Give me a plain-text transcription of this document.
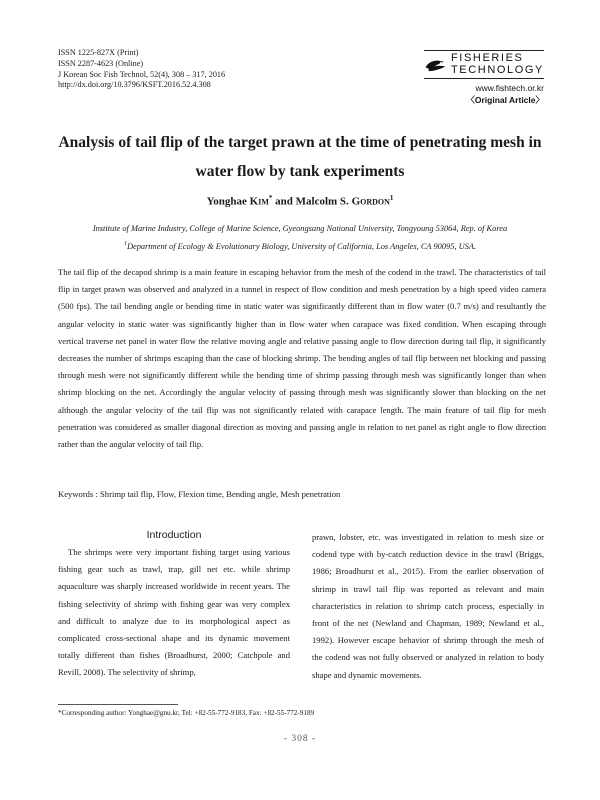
ISSN 1225-827X (Print)
ISSN 2287-4623 (Online)
J Korean Soc Fish Technol, 52(4), 308 – 317, 2016
http://dx.doi.org/10.3796/KSFT.2016.52.4.308
FISHERIES
TECHNOLOGY
www.fishtech.or.kr
〈Original Article〉
Analysis of tail flip of the target prawn at the time of penetrating mesh in
water flow by tank experiments
Yonghae Kim* and Malcolm S. Gordon$^1$
Institute of Marine Industry, College of Marine Science, Gyeongsang National University, Tongyoung 53064, Rep. of Korea
$^1$Department of Ecology & Evolutionary Biology, University of California, Los Angeles, CA 90095, USA.
The tail flip of the decapod shrimp is a main feature in escaping behavior from the mesh of the codend in the trawl. The characteristics of tail flip in target prawn was observed and analyzed in a tunnel in respect of flow condition and mesh penetration by a high speed video camera (500 fps). The tail bending angle or bending time in static water was significantly different than in flow water (0.7 m/s) and resultantly the angular velocity in static water was significantly higher than in flow water when carapace was fixed condition. When escaping through vertical traverse net panel in water flow the relative moving angle and relative passing angle to flow direction during tail flip, it significantly decreases the number of shrimps escaping than the case of blocking shrimp. The bending angles of tail flip between net blocking and passing through mesh were not significantly different while the bending time of shrimp passing through mesh was significantly longer than when shrimp blocking on the net. Accordingly the angular velocity of passing through mesh was significantly slower than blocking on the net although the angular velocity of the tail flip was not significantly related with carapace length. The main feature of tail flip for mesh penetration was considered as smaller diagonal direction as moving and passing angle in relation to net panel as right angle to flow direction rather than the angular velocity of tail flip.
Keywords : Shrimp tail flip, Flow, Flexion time, Bending angle, Mesh penetration
Introduction
The shrimps were very important fishing target using various fishing gear such as trawl, trap, gill net etc. while shrimp aquaculture was sharply increased worldwide in recent years. The fishing selectivity of shrimp with fishing gear was very complex and difficult to analyze due to its morphological aspect as complicated cross-sectional shape and its dynamic movement totally different than fishes (Broadhurst, 2000; Catchpole and Revill, 2008). The selectivity of shrimp,
prawn, lobster, etc. was investigated in relation to mesh size or codend type with by-catch reduction device in the trawl (Briggs, 1986; Broadhurst et al., 2015). From the earlier observation of shrimp in trawl tail flip was reported as relevant and main characteristics in relation to shrimp catch process, especially in front of the net (Newland and Chapman, 1989; Newland et al., 1992). However escape behavior of shrimp through the mesh of the codend was not fully observed or analyzed in relation to body shape and dynamic movements.
*Corresponding author: Yonghae@gnu.kr, Tel: +82-55-772-9183, Fax: +82-55-772-9189
- 308 -
